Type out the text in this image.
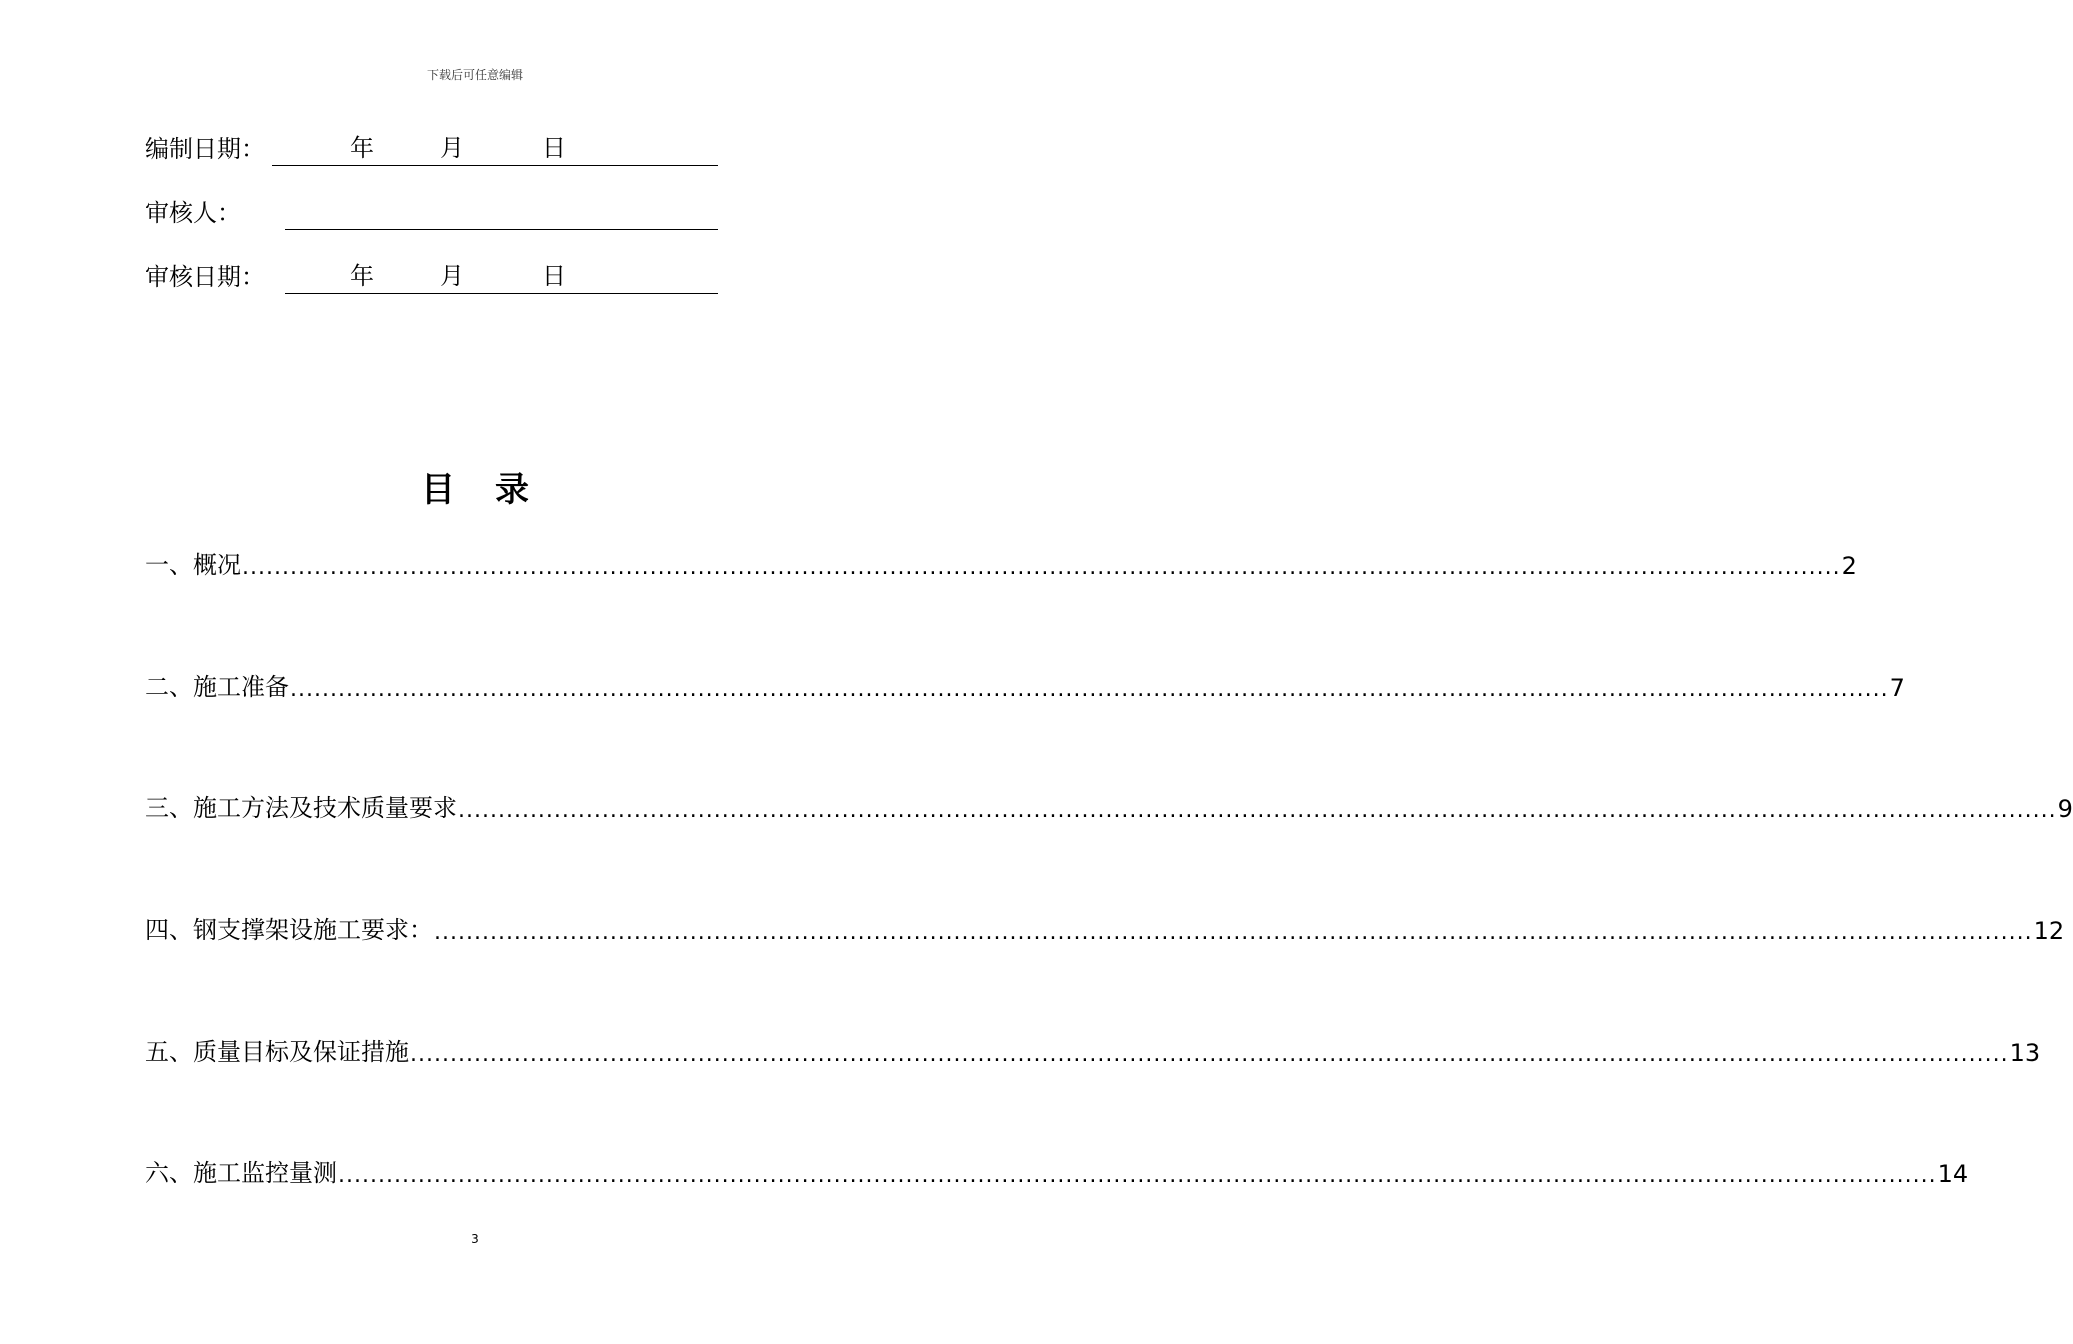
下载后可任意编辑
编制日期：	年	月	日
审核人：
审核日期：	年	月	日
目录
一、概况 ........................................................................................................................................................................................................ 2
二、施工准备 ........................................................................................................................................................................................................ 7
三、施工方法及技术质量要求 ........................................................................................................................................................................................................ 9
四、钢支撑架设施工要求： ........................................................................................................................................................................................................ 12
五、质量目标及保证措施 ........................................................................................................................................................................................................ 13
六、施工监控量测 ........................................................................................................................................................................................................ 14
3
